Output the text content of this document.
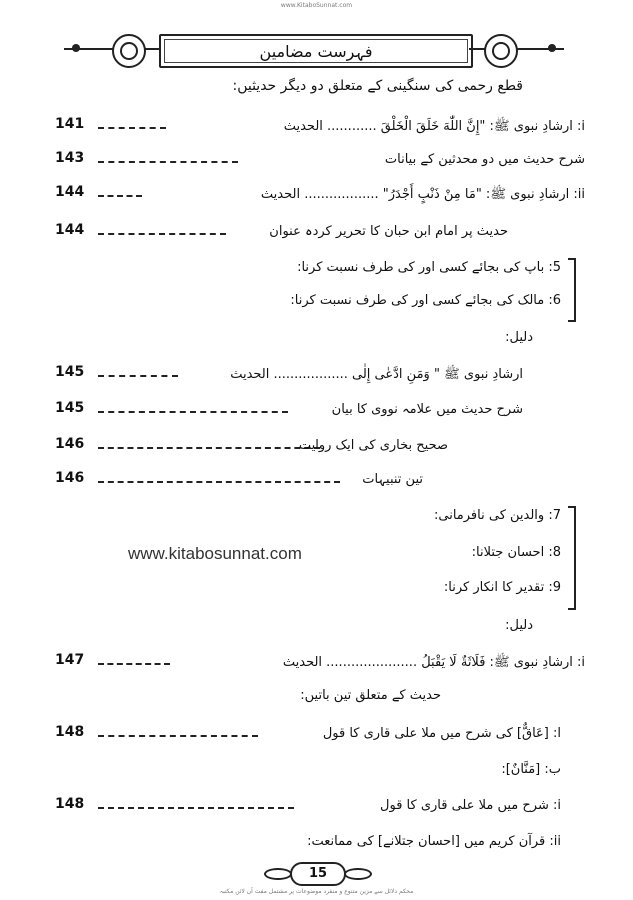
www.KitaboSunnat.com
فہرست مضامین
قطع رحمی کی سنگینی کے متعلق دو دیگر حدیثیں:
141	i: ارشادِ نبوی ﷺ: "إِنَّ اللّٰهَ خَلَقَ الْخَلْقَ ............ الحدیث
143	شرح حدیث میں دو محدثین کے بیانات
144	ii: ارشادِ نبوی ﷺ: "مَا مِنْ ذَنْبٍ أَجْدَرُ" .................. الحدیث
144	حدیث پر امام ابن حبان کا تحریر کردہ عنوان
5: باپ کی بجائے کسی اور کی طرف نسبت کرنا:
6: مالک کی بجائے کسی اور کی طرف نسبت کرنا:
دلیل:
145	ارشادِ نبوی ﷺ " وَمَنِ ادَّعٰى إِلٰى .................. الحدیث
145	شرح حدیث میں علامہ نووی کا بیان
146	صحیح بخاری کی ایک روایت
146	تین تنبیہات
7: والدین کی نافرمانی:
8: احسان جتلانا:
9: تقدیر کا انکار کرنا:
دلیل:
www.kitabosunnat.com
147	i: ارشادِ نبوی ﷺ: فَلَاثَةٌ لَا يَقْبَلُ ...................... الحدیث
حدیث کے متعلق تین باتیں:
148	ا: [عَاقٌّ] کی شرح میں ملا علی قاری کا قول
ب: [مَنَّانٌ]:
148	i: شرح میں ملا علی قاری کا قول
ii: قرآن کریم میں [احسان جتلانے] کی ممانعت:
15
محکم دلائل سے مزین متنوع و منفرد موضوعات پر مشتمل مفت آن لائن مکتبہ
